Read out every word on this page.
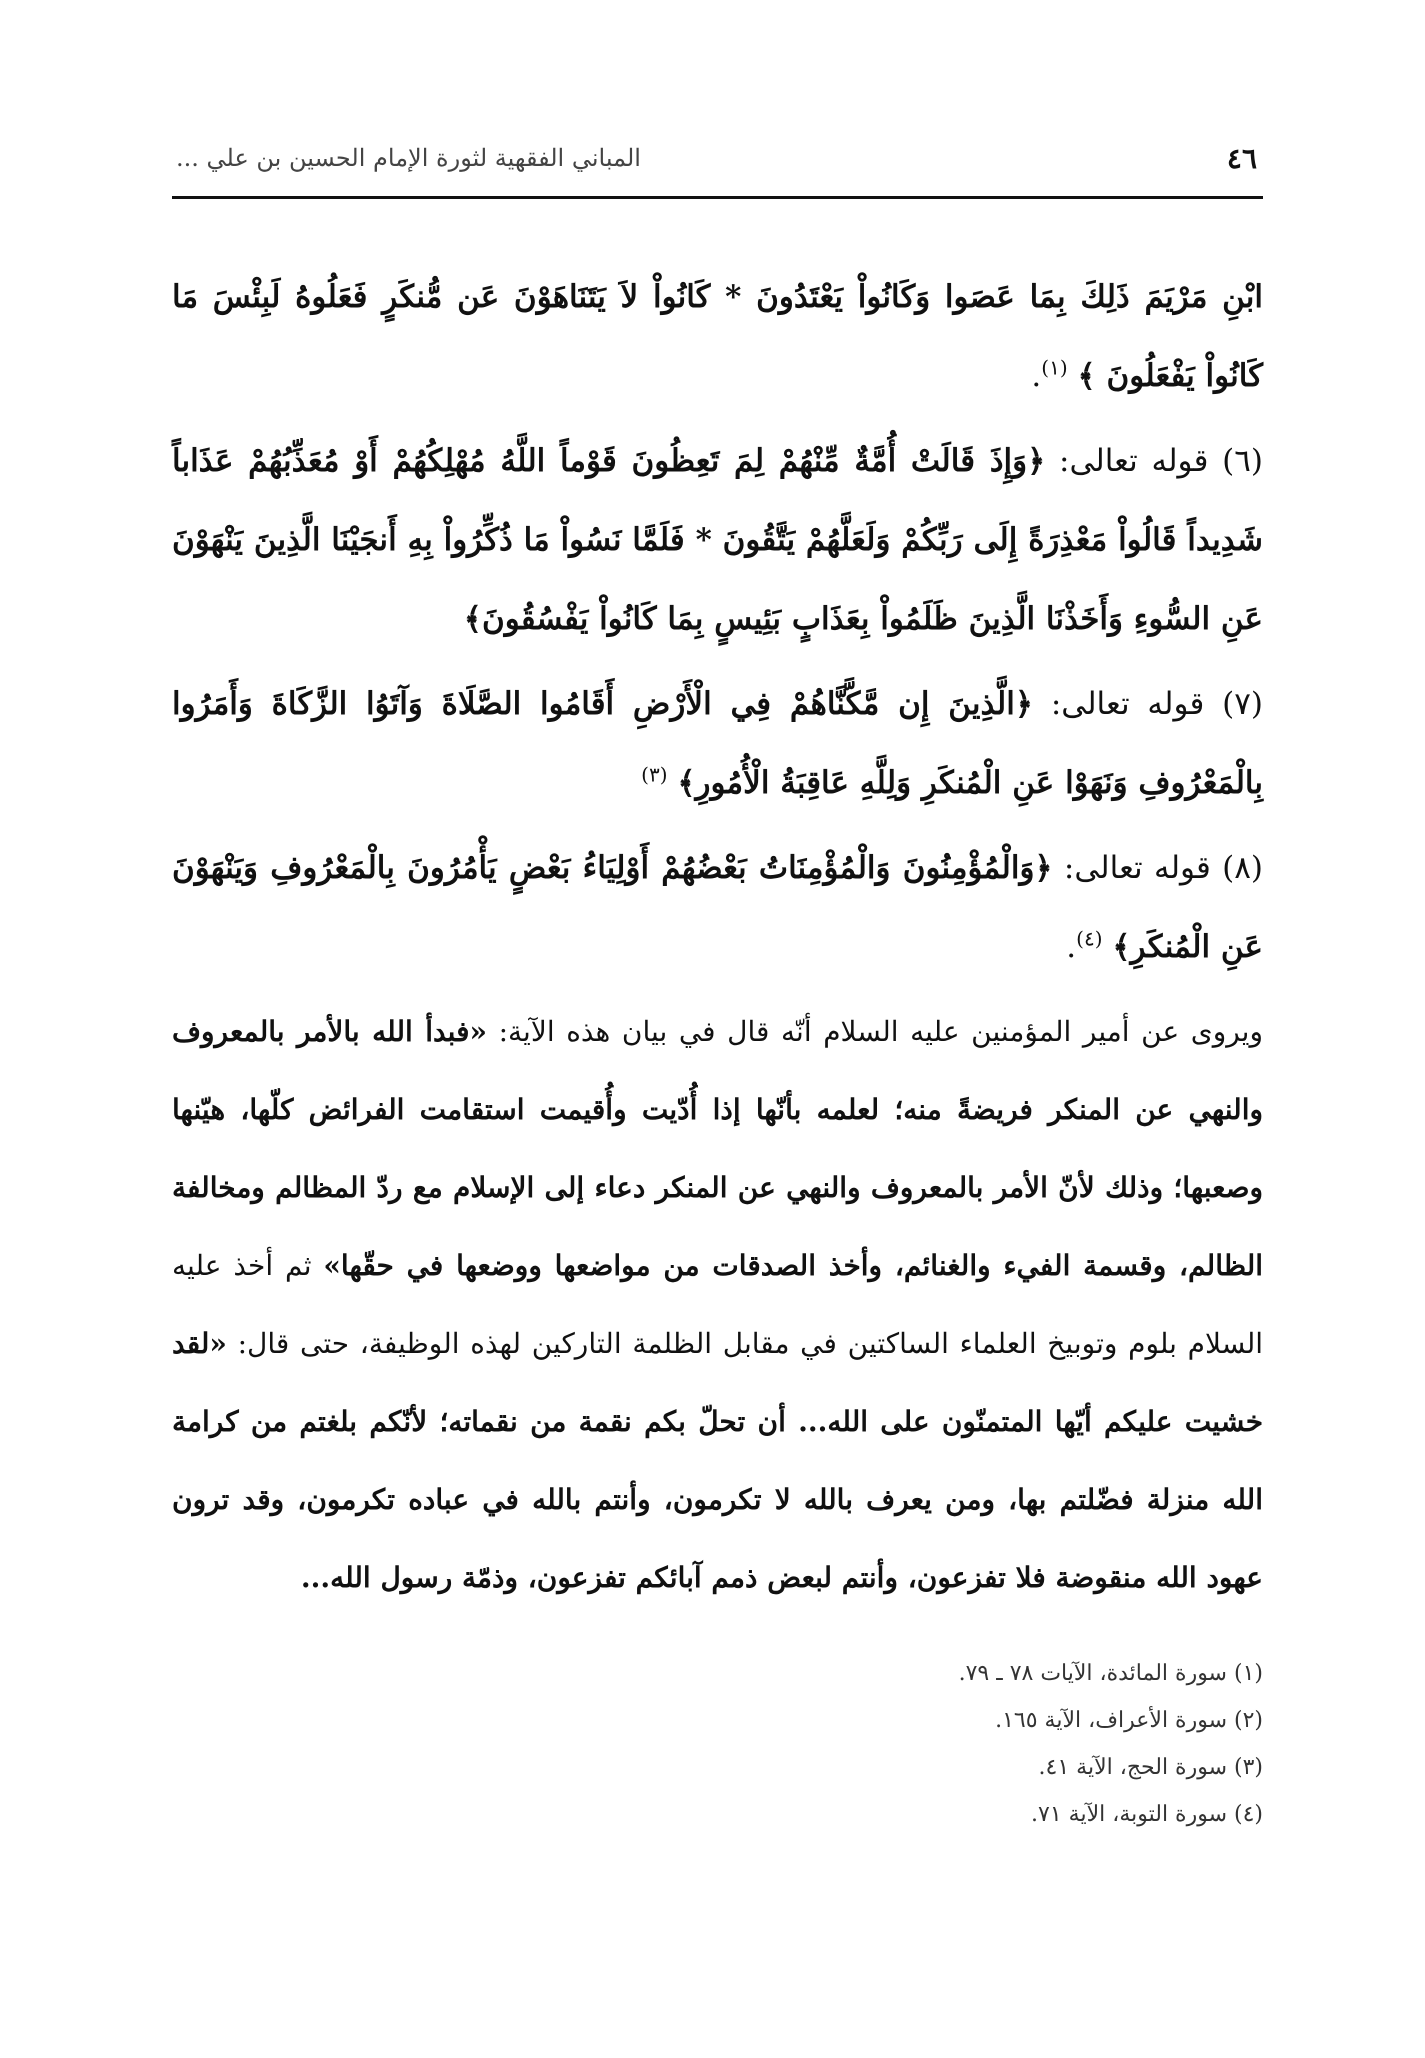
٤٦
المباني الفقهية لثورة الإمام الحسين بن علي ...

ابْنِ مَرْيَمَ ذَلِكَ بِمَا عَصَوا وَكَانُواْ يَعْتَدُونَ * كَانُواْ لاَ يَتَنَاهَوْنَ عَن مُّنكَرٍ فَعَلُوهُ لَبِئْسَ مَا كَانُواْ يَفْعَلُونَ ﴾ $^{(١)}$.

(٦) قوله تعالى: ﴿وَإِذَ قَالَتْ أُمَّةٌ مِّنْهُمْ لِمَ تَعِظُونَ قَوْماً اللَّهُ مُهْلِكُهُمْ أَوْ مُعَذِّبُهُمْ عَذَاباً شَدِيداً قَالُواْ مَعْذِرَةً إِلَى رَبِّكُمْ وَلَعَلَّهُمْ يَتَّقُونَ * فَلَمَّا نَسُواْ مَا ذُكِّرُواْ بِهِ أَنجَيْنَا الَّذِينَ يَنْهَوْنَ عَنِ السُّوءِ وَأَخَذْنَا الَّذِينَ ظَلَمُواْ بِعَذَابٍ بَئِيسٍ بِمَا كَانُواْ يَفْسُقُونَ﴾

(٧) قوله تعالى: ﴿الَّذِينَ إِن مَّكَّنَّاهُمْ فِي الْأَرْضِ أَقَامُوا الصَّلَاةَ وَآتَوُا الزَّكَاةَ وَأَمَرُوا بِالْمَعْرُوفِ وَنَهَوْا عَنِ الْمُنكَرِ وَلِلَّهِ عَاقِبَةُ الْأُمُورِ﴾ $^{(٣)}$

(٨) قوله تعالى: ﴿وَالْمُؤْمِنُونَ وَالْمُؤْمِنَاتُ بَعْضُهُمْ أَوْلِيَاءُ بَعْضٍ يَأْمُرُونَ بِالْمَعْرُوفِ وَيَنْهَوْنَ عَنِ الْمُنكَرِ﴾ $^{(٤)}$.

ويروى عن أمير المؤمنين عليه السلام أنّه قال في بيان هذه الآية: «فبدأ الله بالأمر بالمعروف والنهي عن المنكر فريضةً منه؛ لعلمه بأنّها إذا أُدّيت وأُقيمت استقامت الفرائض كلّها، هيّنها وصعبها؛ وذلك لأنّ الأمر بالمعروف والنهي عن المنكر دعاء إلى الإسلام مع ردّ المظالم ومخالفة الظالم، وقسمة الفيء والغنائم، وأخذ الصدقات من مواضعها ووضعها في حقّها» ثم أخذ عليه السلام بلوم وتوبيخ العلماء الساكتين في مقابل الظلمة التاركين لهذه الوظيفة، حتى قال: «لقد خشيت عليكم أيّها المتمنّون على الله... أن تحلّ بكم نقمة من نقماته؛ لأنّكم بلغتم من كرامة الله منزلة فضّلتم بها، ومن يعرف بالله لا تكرمون، وأنتم بالله في عباده تكرمون، وقد ترون عهود الله منقوضة فلا تفزعون، وأنتم لبعض ذمم آبائكم تفزعون، وذمّة رسول الله...

(١) سورة المائدة، الآيات ٧٨ ـ ٧٩.
(٢) سورة الأعراف، الآية ١٦٥.
(٣) سورة الحج، الآية ٤١.
(٤) سورة التوبة، الآية ٧١.
